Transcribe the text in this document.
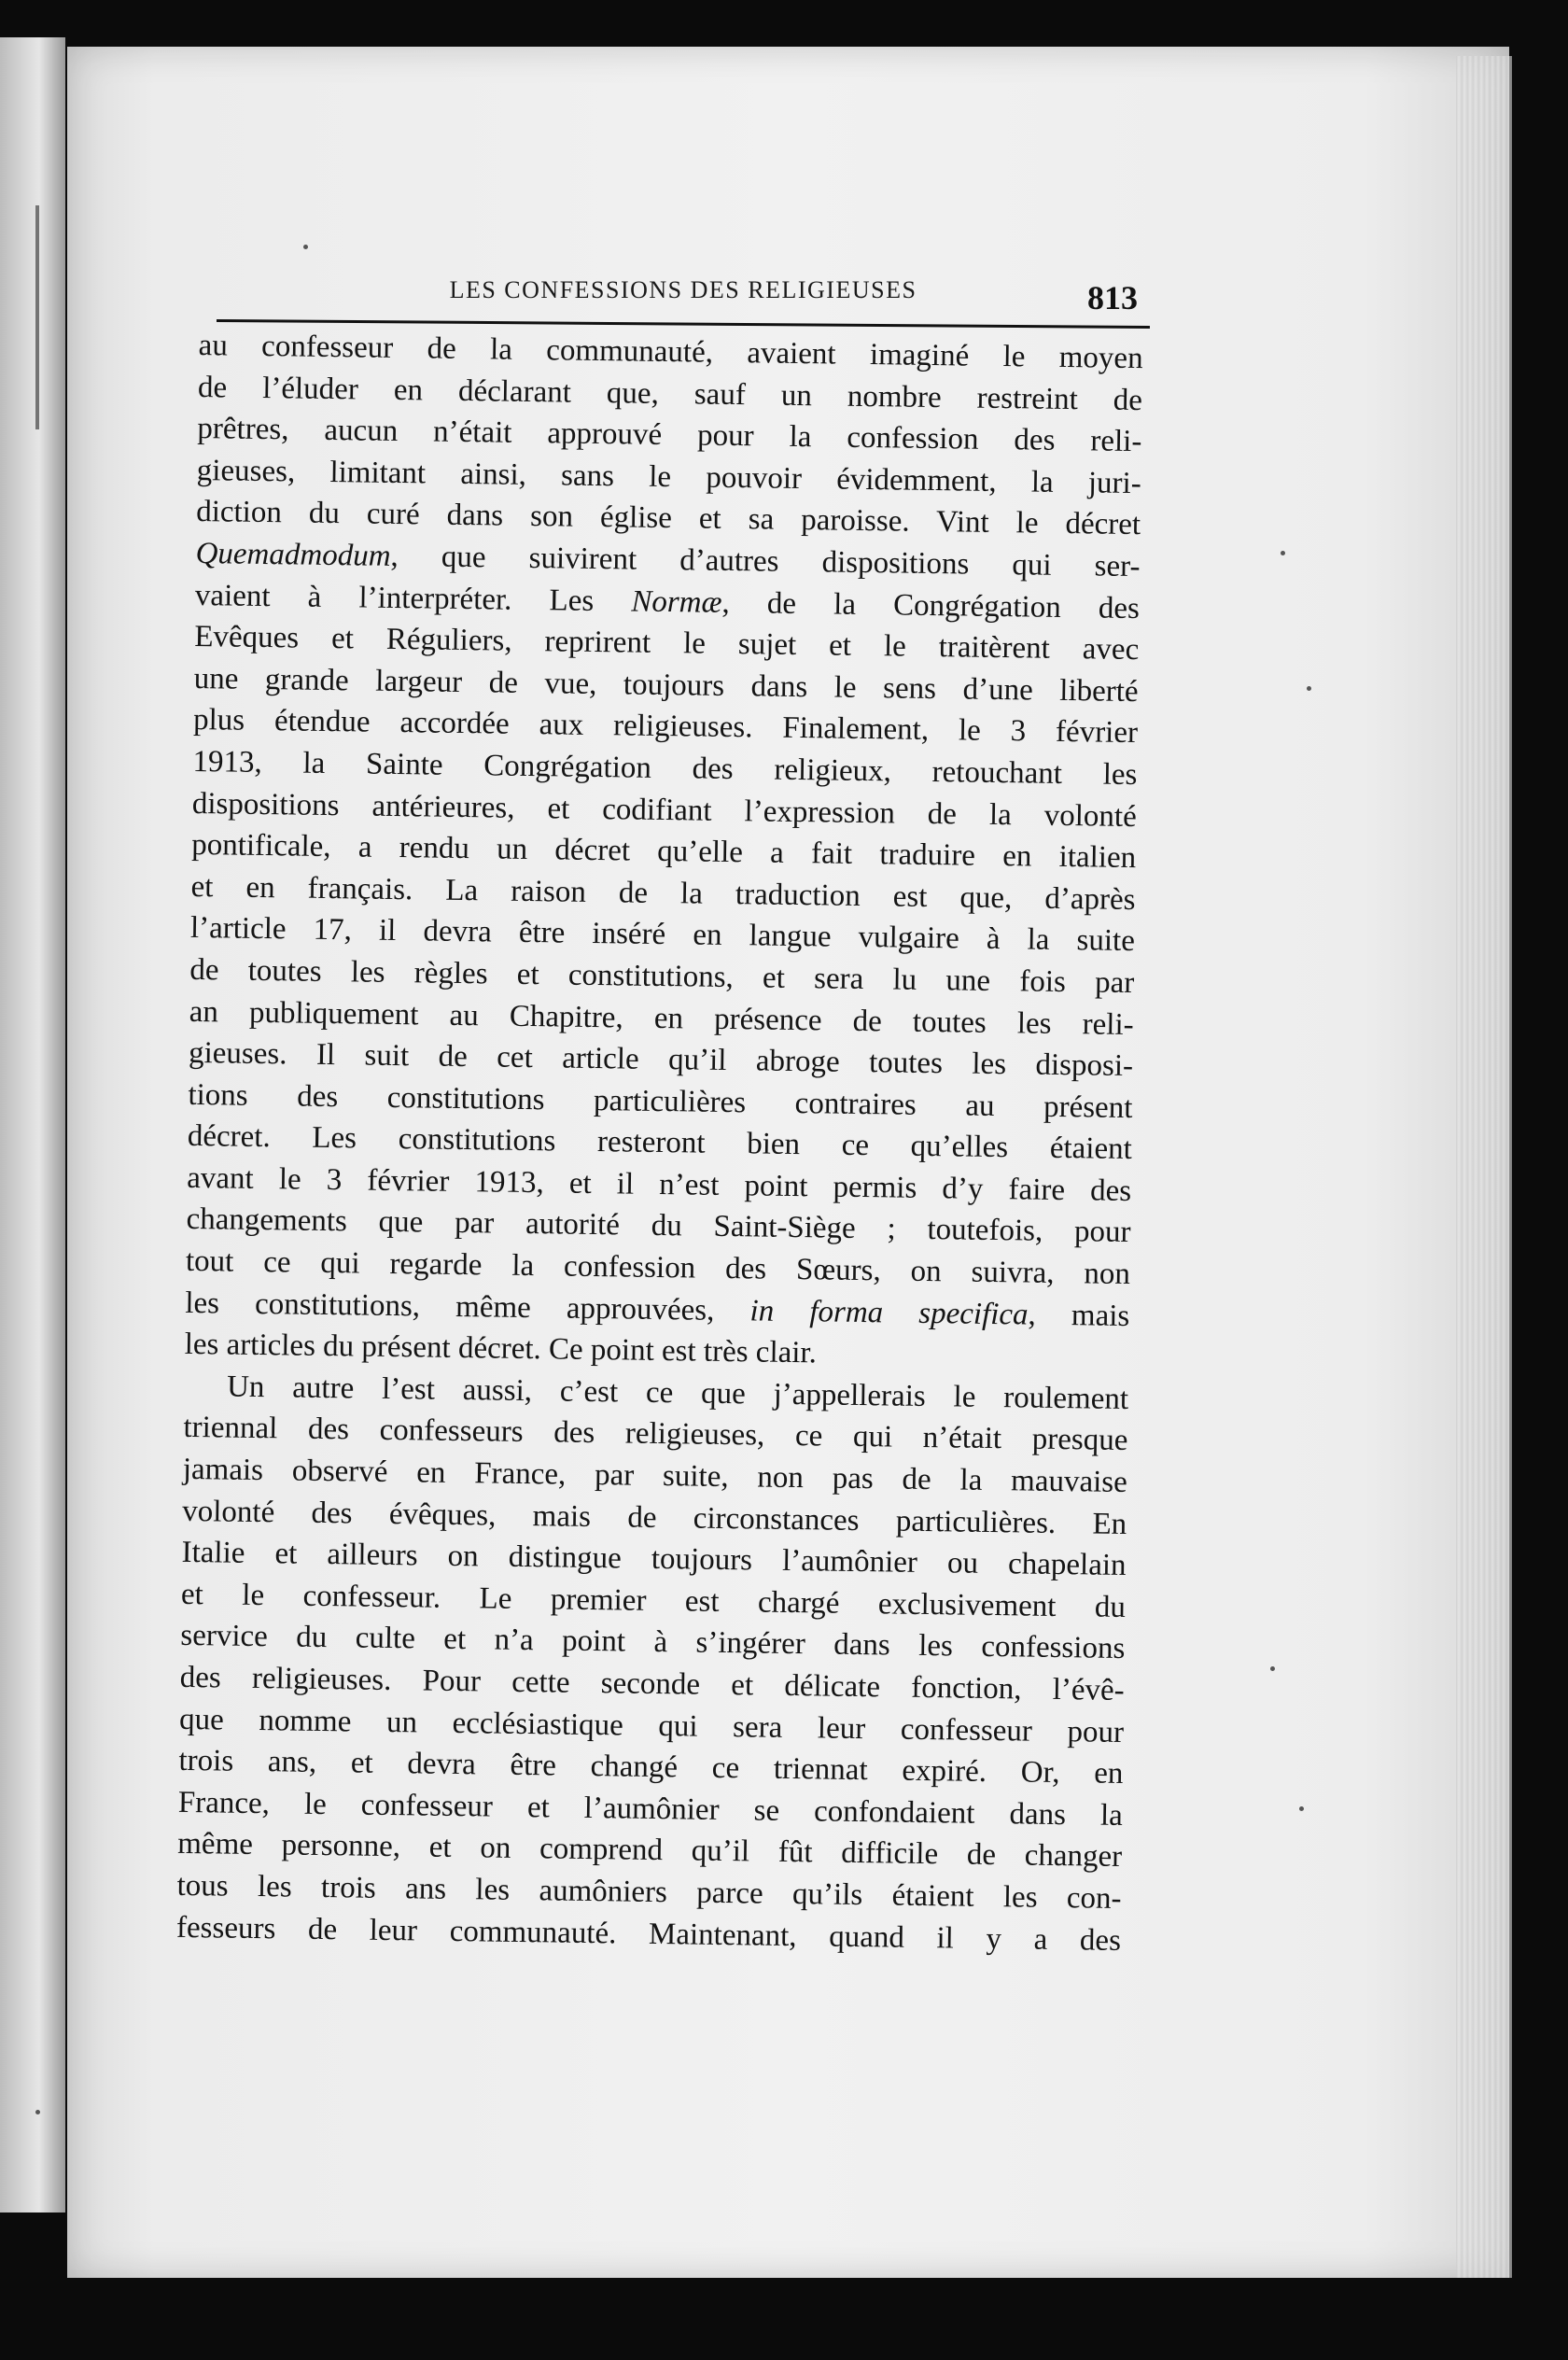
LES CONFESSIONS DES RELIGIEUSES	813
au confesseur de la communauté, avaient imaginé le moyen
de l’éluder en déclarant que, sauf un nombre restreint de
prêtres, aucun n’était approuvé pour la confession des reli-
gieuses, limitant ainsi, sans le pouvoir évidemment, la juri-
diction du curé dans son église et sa paroisse. Vint le décret
Quemadmodum, que suivirent d’autres dispositions qui ser-
vaient à l’interpréter. Les Normæ, de la Congrégation des
Evêques et Réguliers, reprirent le sujet et le traitèrent avec
une grande largeur de vue, toujours dans le sens d’une liberté
plus étendue accordée aux religieuses. Finalement, le 3 février
1913, la Sainte Congrégation des religieux, retouchant les
dispositions antérieures, et codifiant l’expression de la volonté
pontificale, a rendu un décret qu’elle a fait traduire en italien
et en français. La raison de la traduction est que, d’après
l’article 17, il devra être inséré en langue vulgaire à la suite
de toutes les règles et constitutions, et sera lu une fois par
an publiquement au Chapitre, en présence de toutes les reli-
gieuses. Il suit de cet article qu’il abroge toutes les disposi-
tions des constitutions particulières contraires au présent
décret. Les constitutions resteront bien ce qu’elles étaient
avant le 3 février 1913, et il n’est point permis d’y faire des
changements que par autorité du Saint-Siège ; toutefois, pour
tout ce qui regarde la confession des Sœurs, on suivra, non
les constitutions, même approuvées, in forma specifica, mais
les articles du présent décret. Ce point est très clair.
Un autre l’est aussi, c’est ce que j’appellerais le roulement
triennal des confesseurs des religieuses, ce qui n’était presque
jamais observé en France, par suite, non pas de la mauvaise
volonté des évêques, mais de circonstances particulières. En
Italie et ailleurs on distingue toujours l’aumônier ou chapelain
et le confesseur. Le premier est chargé exclusivement du
service du culte et n’a point à s’ingérer dans les confessions
des religieuses. Pour cette seconde et délicate fonction, l’évê-
que nomme un ecclésiastique qui sera leur confesseur pour
trois ans, et devra être changé ce triennat expiré. Or, en
France, le confesseur et l’aumônier se confondaient dans la
même personne, et on comprend qu’il fût difficile de changer
tous les trois ans les aumôniers parce qu’ils étaient les con-
fesseurs de leur communauté. Maintenant, quand il y a des
